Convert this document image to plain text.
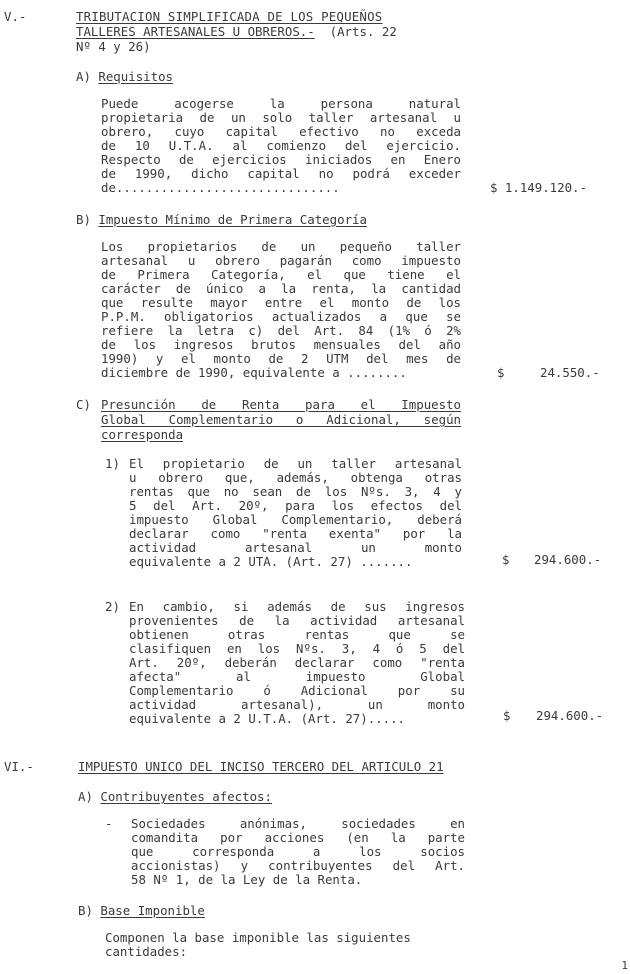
V.-	TRIBUTACION SIMPLIFICADA DE LOS PEQUEÑOS
TALLERES ARTESANALES U OBREROS.- (Arts. 22
Nº 4 y 26)
A) Requisitos
Puede acogerse la persona natural
propietaria de un solo taller artesanal u
obrero, cuyo capital efectivo no exceda
de 10 U.T.A. al comienzo del ejercicio.
Respecto de ejercicios iniciados en Enero
de 1990, dicho capital no podrá exceder
de..............................	$ 1.149.120.-
B) Impuesto Mínimo de Primera Categoría
Los propietarios de un pequeño taller
artesanal u obrero pagarán como impuesto
de Primera Categoría, el que tiene el
carácter de único a la renta, la cantidad
que resulte mayor entre el monto de los
P.P.M. obligatorios actualizados a que se
refiere la letra c) del Art. 84 (1% ó 2%
de los ingresos brutos mensuales del año
1990) y el monto de 2 UTM del mes de
diciembre de 1990, equivalente a ........	$	24.550.-
C) Presunción de Renta para el Impuesto
Global Complementario o Adicional, según
corresponda
1) El propietario de un taller artesanal
u obrero que, además, obtenga otras
rentas que no sean de los Nºs. 3, 4 y
5 del Art. 20º, para los efectos del
impuesto Global Complementario, deberá
declarar como "renta exenta" por la
actividad artesanal un monto
equivalente a 2 UTA. (Art. 27) .......	$ 294.600.-
2) En cambio, si además de sus ingresos
provenientes de la actividad artesanal
obtienen otras rentas que se
clasifiquen en los Nºs. 3, 4 ó 5 del
Art. 20º, deberán declarar como "renta
afecta" al impuesto Global
Complementario ó Adicional por su
actividad artesanal), un monto
equivalente a 2 U.T.A. (Art. 27).....	$ 294.600.-
VI.-	IMPUESTO UNICO DEL INCISO TERCERO DEL ARTICULO 21
A) Contribuyentes afectos:
- Sociedades anónimas, sociedades en
comandita por acciones (en la parte
que corresponda a los socios
accionistas) y contribuyentes del Art.
58 Nº 1, de la Ley de la Renta.
B) Base Imponible
Componen la base imponible las siguientes
cantidades:
1
